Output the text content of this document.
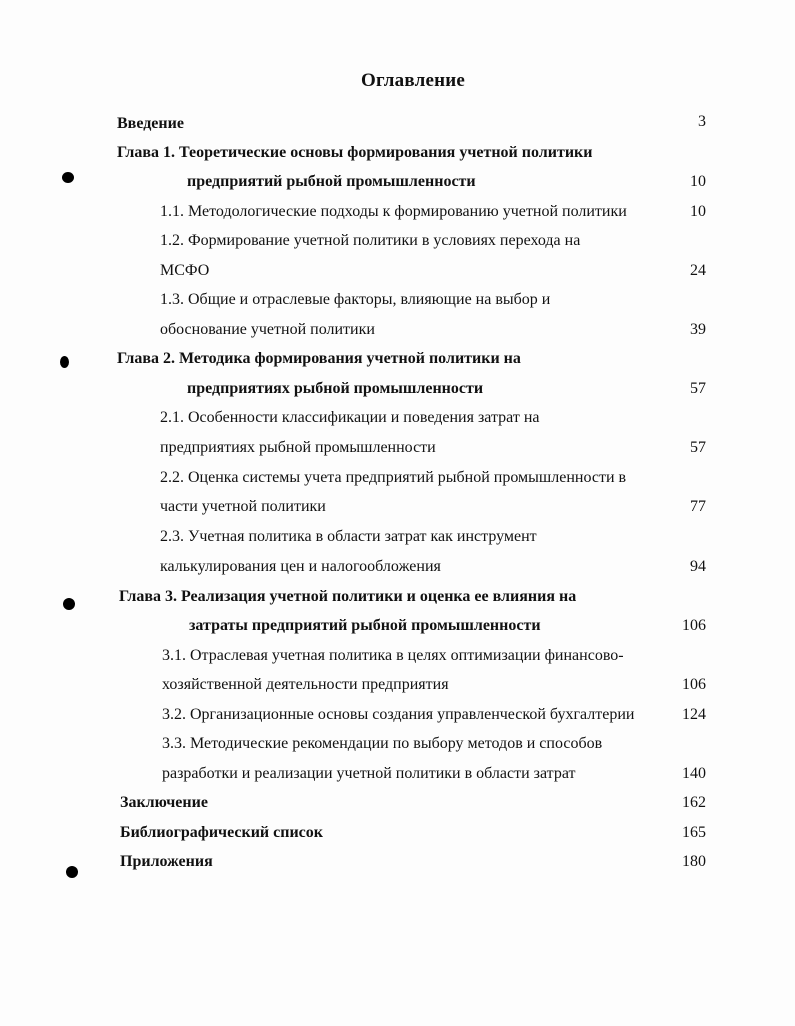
Оглавление
Введение	3
Глава 1. Теоретические основы формирования учетной политики
предприятий рыбной промышленности	10
1.1. Методологические подходы к формированию учетной политики	10
1.2. Формирование учетной политики в условиях перехода на
МСФО	24
1.3. Общие и отраслевые факторы, влияющие на выбор и
обоснование учетной политики	39
Глава 2. Методика формирования учетной политики на
предприятиях рыбной промышленности	57
2.1. Особенности классификации и поведения затрат на
предприятиях рыбной промышленности	57
2.2. Оценка системы учета предприятий рыбной промышленности в
части учетной политики	77
2.3. Учетная политика в области затрат как инструмент
калькулирования цен и налогообложения	94
Глава 3. Реализация учетной политики и оценка ее влияния на
затраты предприятий рыбной промышленности	106
3.1. Отраслевая учетная политика в целях оптимизации финансово-
хозяйственной деятельности предприятия	106
3.2. Организационные основы создания управленческой бухгалтерии	124
3.3. Методические рекомендации по выбору методов и способов
разработки и реализации учетной политики в области затрат	140
Заключение	162
Библиографический список	165
Приложения	180
